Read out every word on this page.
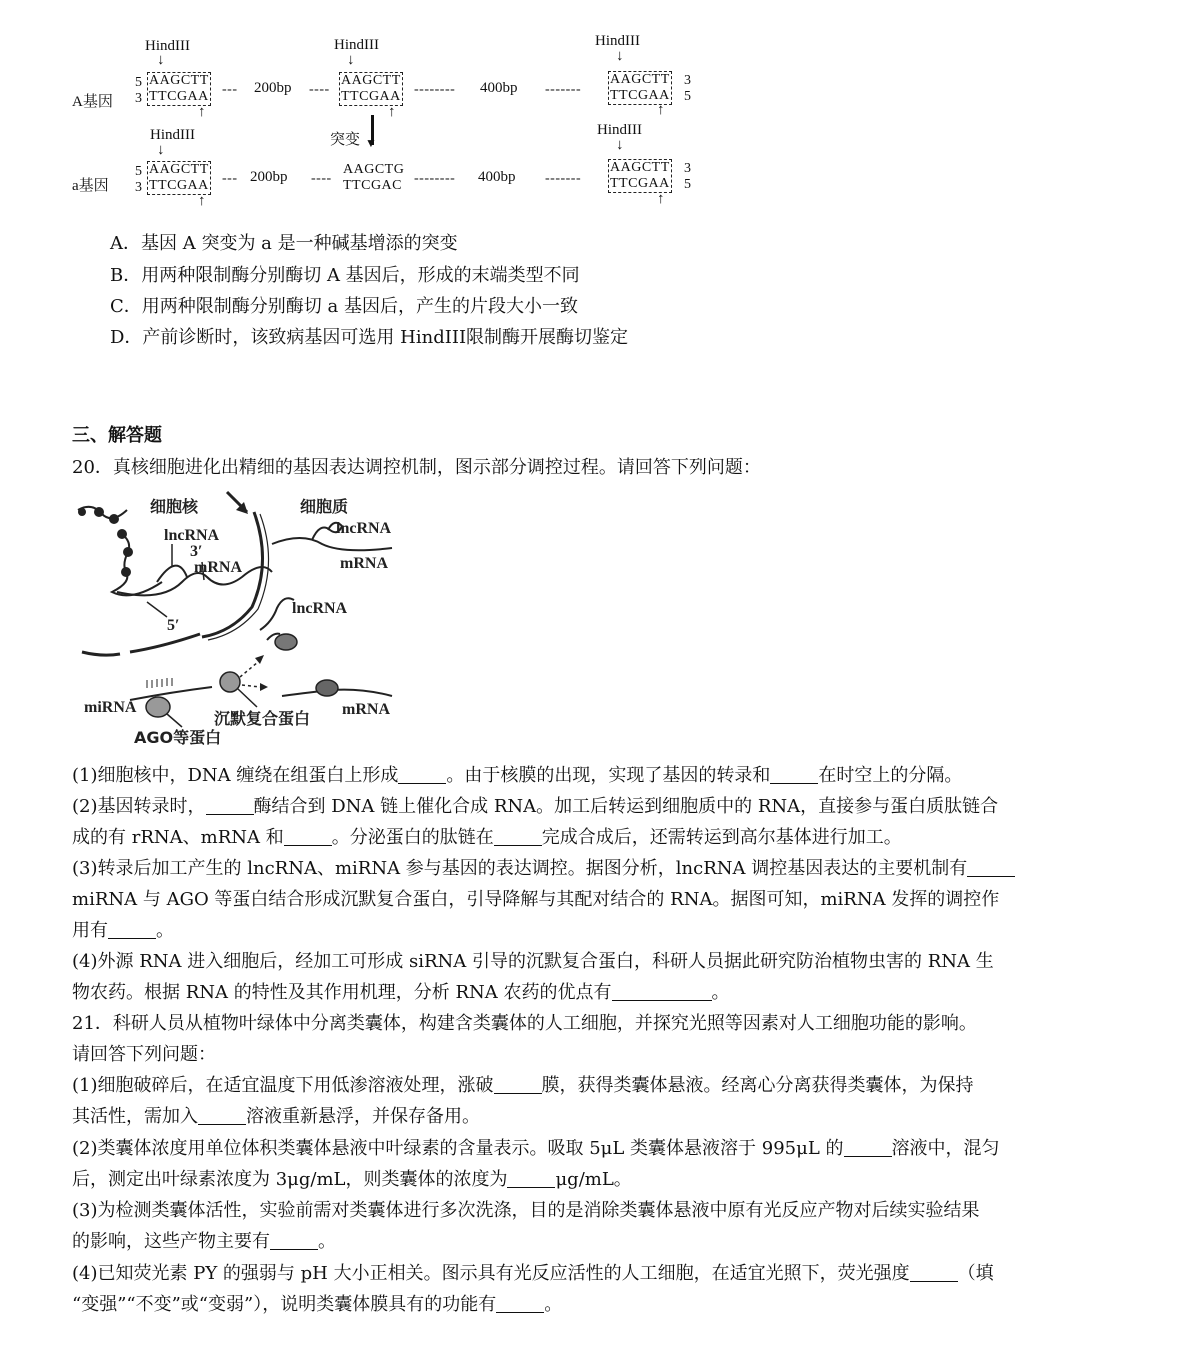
HindIII	HindIII	HindIII
↓	↓	↓
A基因
5
3
AAGCTT
TTCGAA --- 200bp ----
AAGCTT
TTCGAA -------- 400bp -------
AAGCTT
TTCGAA
3
5
↑	↑	↑
HindIII	HindIII
↓	↓
突变 ▼
a基因
5
3
AAGCTT
TTCGAA --- 200bp ----
AAGCTG
TTCGAC -------- 400bp -------
AAGCTT
TTCGAA
3
5
↑	↑
A．基因 A 突变为 a 是一种碱基增添的突变
B．用两种限制酶分别酶切 A 基因后，形成的末端类型不同
C．用两种限制酶分别酶切 a 基因后，产生的片段大小一致
D．产前诊断时，该致病基因可选用 HindIII限制酶开展酶切鉴定
三、解答题
20．真核细胞进化出精细的基因表达调控机制，图示部分调控过程。请回答下列问题：
细胞核	细胞质
lncRNA
3′
mRNA
5′
lncRNA
mRNA
lncRNA
miRNA
沉默复合蛋白 mRNA
AGO等蛋白
(1)细胞核中，DNA 缠绕在组蛋白上形成	。由于核膜的出现，实现了基因的转录和	在时空上的分隔。
(2)基因转录时，	酶结合到 DNA 链上催化合成 RNA。加工后转运到细胞质中的 RNA，直接参与蛋白质肽链合
成的有 rRNA、mRNA 和	。分泌蛋白的肽链在	完成合成后，还需转运到高尔基体进行加工。
(3)转录后加工产生的 lncRNA、miRNA 参与基因的表达调控。据图分析，lncRNA 调控基因表达的主要机制有
miRNA 与 AGO 等蛋白结合形成沉默复合蛋白，引导降解与其配对结合的 RNA。据图可知，miRNA 发挥的调控作
用有	。
(4)外源 RNA 进入细胞后，经加工可形成 siRNA 引导的沉默复合蛋白，科研人员据此研究防治植物虫害的 RNA 生
物农药。根据 RNA 的特性及其作用机理，分析 RNA 农药的优点有	。
21．科研人员从植物叶绿体中分离类囊体，构建含类囊体的人工细胞，并探究光照等因素对人工细胞功能的影响。
请回答下列问题：
(1)细胞破碎后，在适宜温度下用低渗溶液处理，涨破	膜，获得类囊体悬液。经离心分离获得类囊体，为保持
其活性，需加入	溶液重新悬浮，并保存备用。
(2)类囊体浓度用单位体积类囊体悬液中叶绿素的含量表示。吸取 5μL 类囊体悬液溶于 995μL 的	溶液中，混匀
后，测定出叶绿素浓度为 3μg/mL，则类囊体的浓度为	μg/mL。
(3)为检测类囊体活性，实验前需对类囊体进行多次洗涤，目的是消除类囊体悬液中原有光反应产物对后续实验结果
的影响，这些产物主要有	。
(4)已知荧光素 PY 的强弱与 pH 大小正相关。图示具有光反应活性的人工细胞，在适宜光照下，荧光强度	（填
“变强”“不变”或“变弱”），说明类囊体膜具有的功能有	。
